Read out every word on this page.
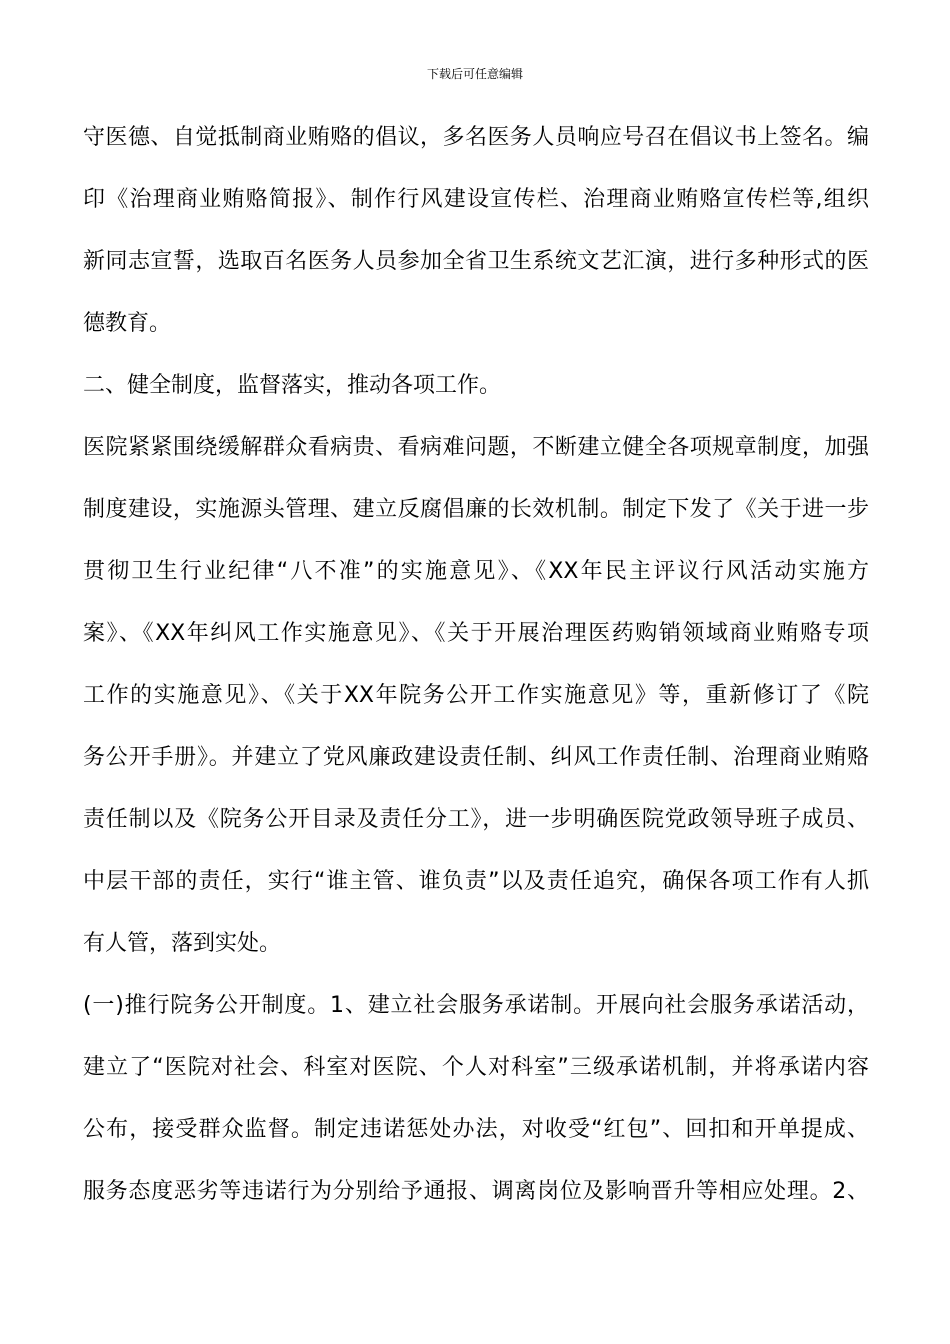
下载后可任意编辑
守医德、自觉抵制商业贿赂的倡议，多名医务人员响应号召在倡议书上签名。编
印《治理商业贿赂简报》、制作行风建设宣传栏、治理商业贿赂宣传栏等,组织
新同志宣誓，选取百名医务人员参加全省卫生系统文艺汇演，进行多种形式的医
德教育。
二、健全制度，监督落实，推动各项工作。
医院紧紧围绕缓解群众看病贵、看病难问题，不断建立健全各项规章制度，加强
制度建设，实施源头管理、建立反腐倡廉的长效机制。制定下发了《关于进一步
贯彻卫生行业纪律“八不准”的实施意见》、《XX年民主评议行风活动实施方
案》、《XX年纠风工作实施意见》、《关于开展治理医药购销领域商业贿赂专项
工作的实施意见》、《关于XX年院务公开工作实施意见》等，重新修订了《院
务公开手册》。并建立了党风廉政建设责任制、纠风工作责任制、治理商业贿赂
责任制以及《院务公开目录及责任分工》，进一步明确医院党政领导班子成员、
中层干部的责任，实行“谁主管、谁负责”以及责任追究，确保各项工作有人抓
有人管，落到实处。
(一)推行院务公开制度。1、建立社会服务承诺制。开展向社会服务承诺活动，
建立了“医院对社会、科室对医院、个人对科室”三级承诺机制，并将承诺内容
公布，接受群众监督。制定违诺惩处办法，对收受“红包”、回扣和开单提成、
服务态度恶劣等违诺行为分别给予通报、调离岗位及影响晋升等相应处理。2、
